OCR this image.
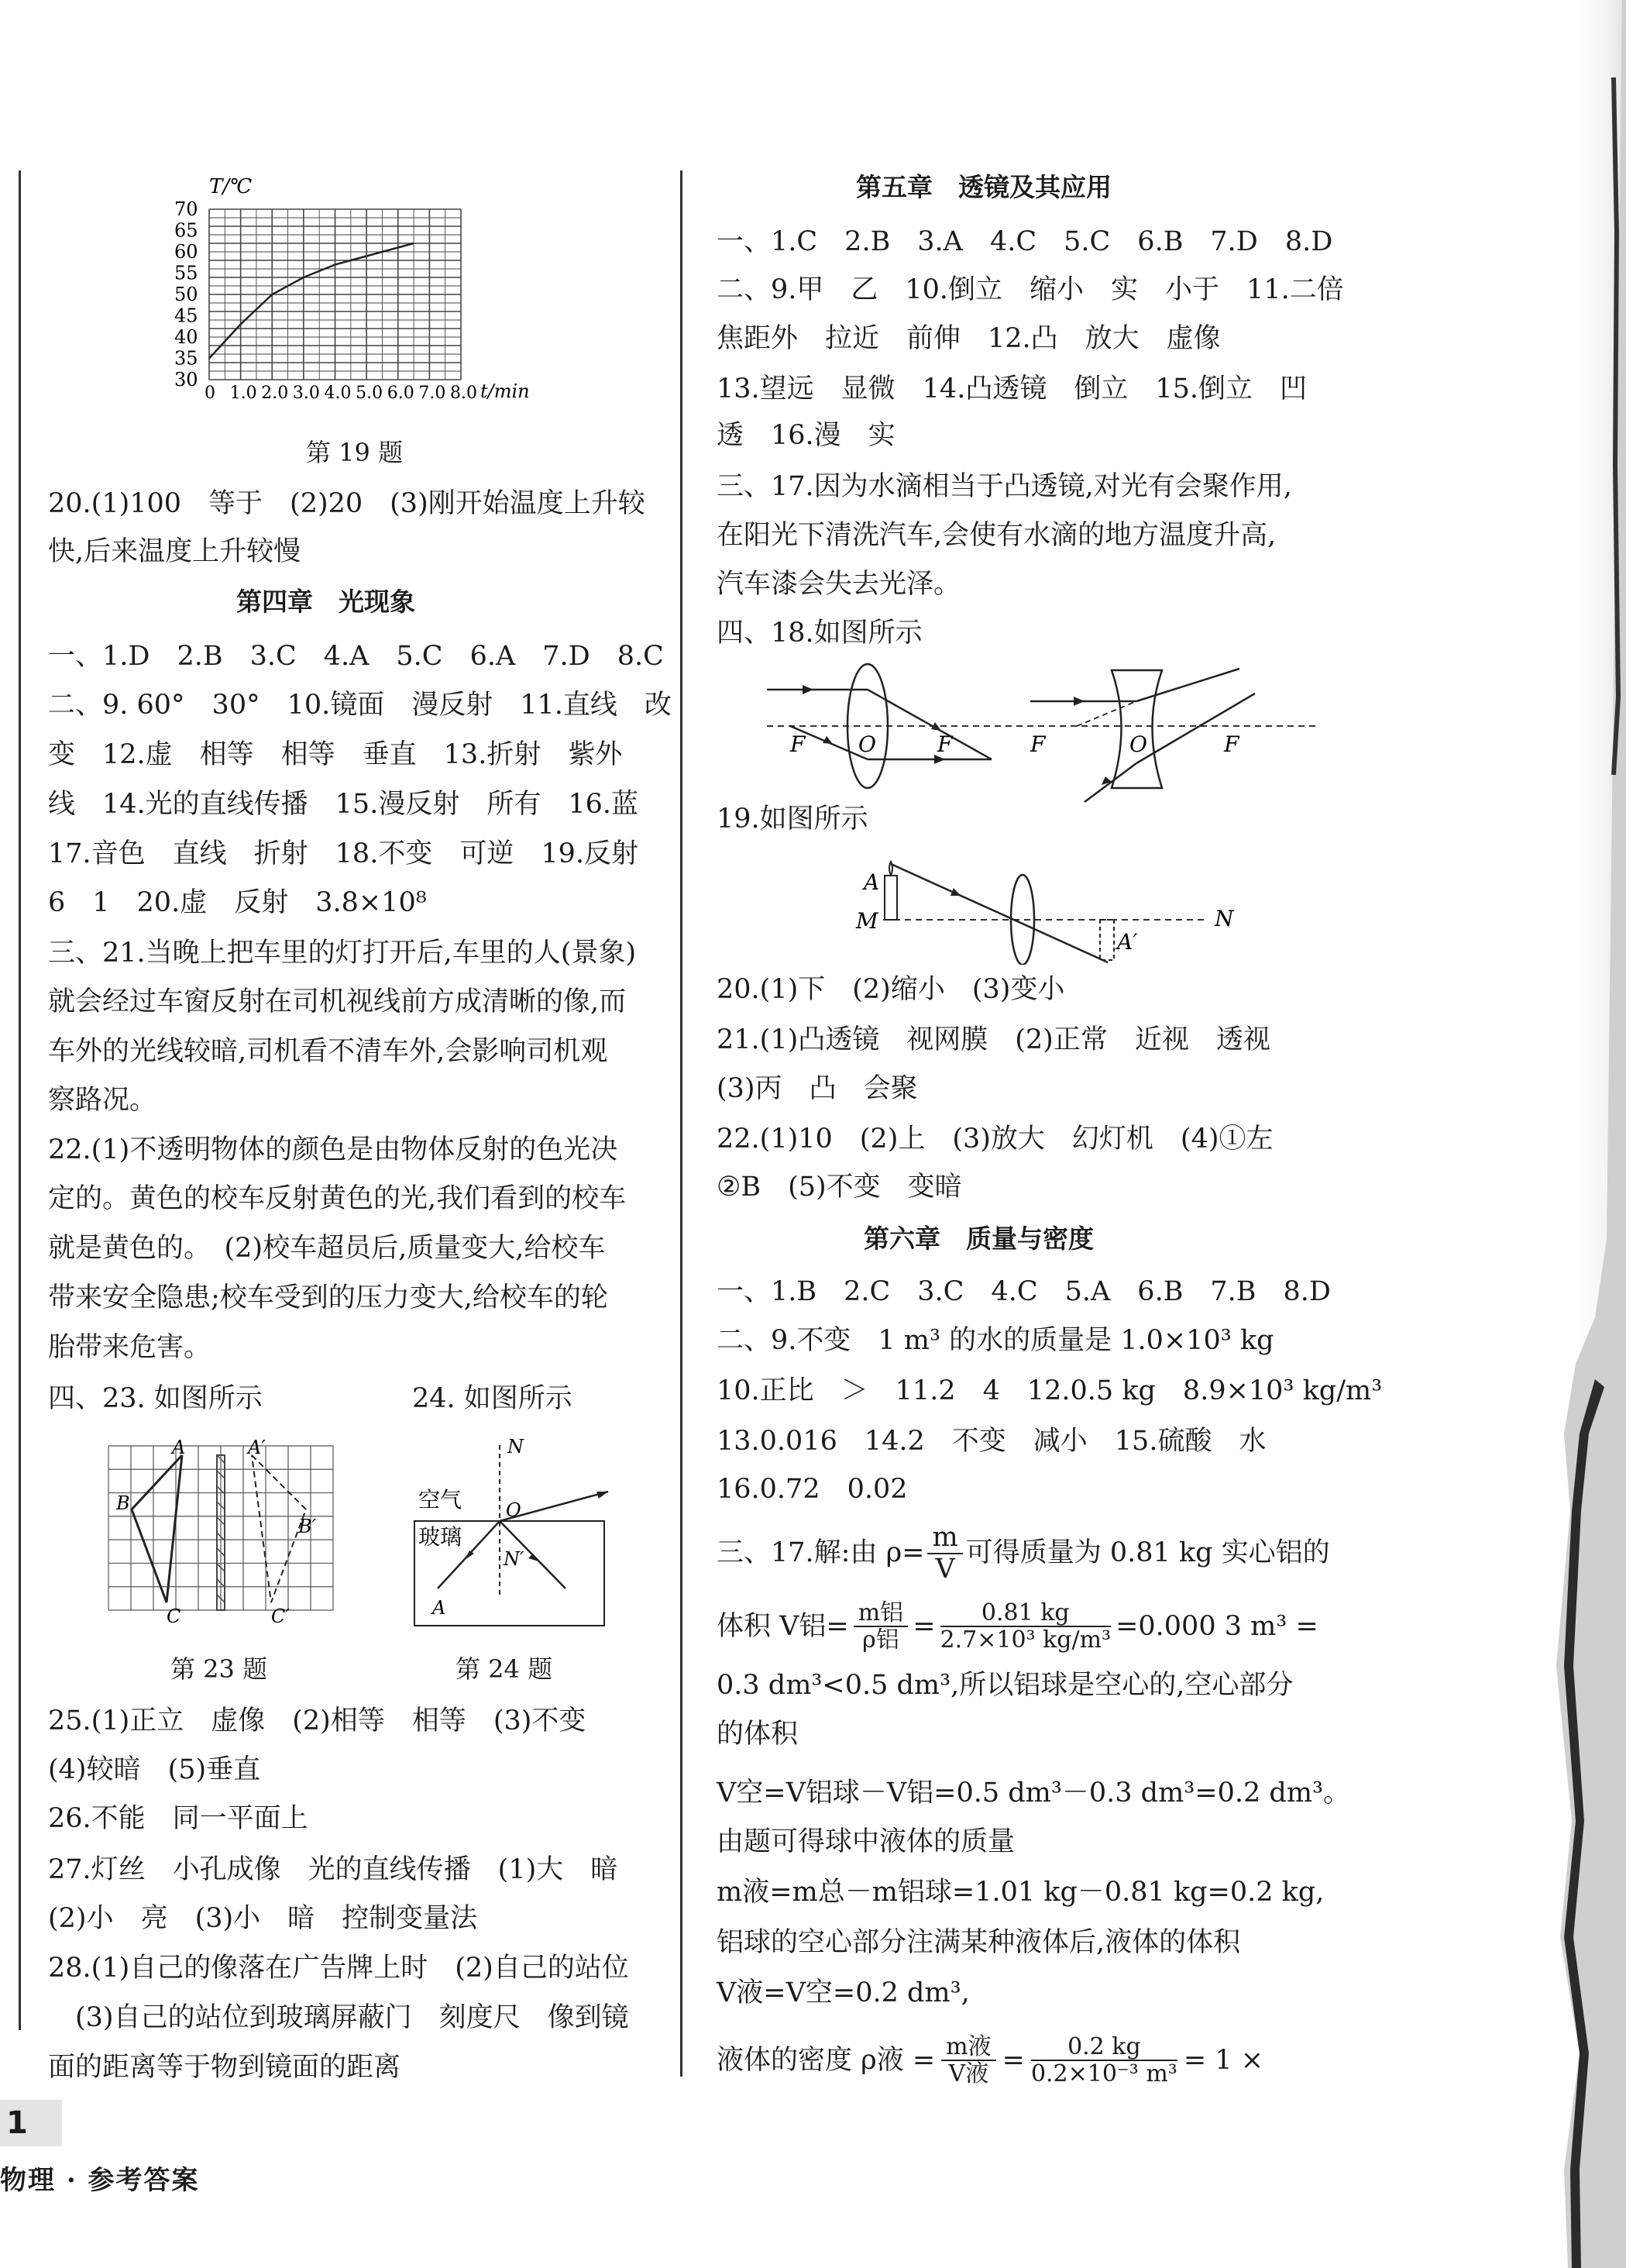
70
65
60
55
50
45
40
35
30
0 1.0 2.0 3.0 4.0 5.0 6.0 7.0 8.0
T/℃
t/min
第 19 题
20.(1)100　等于　(2)20　(3)刚开始温度上升较
快,后来温度上升较慢
第四章　光现象
一、1.D　2.B　3.C　4.A　5.C　6.A　7.D　8.C
二、9. 60°　30°　10.镜面　漫反射　11.直线　改
变　12.虚　相等　相等　垂直　13.折射　紫外
线　14.光的直线传播　15.漫反射　所有　16.蓝
17.音色　直线　折射　18.不变　可逆　19.反射
6　1　20.虚　反射　3.8×10⁸
三、21.当晚上把车里的灯打开后,车里的人(景象)
就会经过车窗反射在司机视线前方成清晰的像,而
车外的光线较暗,司机看不清车外,会影响司机观
察路况。
22.(1)不透明物体的颜色是由物体反射的色光决
定的。黄色的校车反射黄色的光,我们看到的校车
就是黄色的。　(2)校车超员后,质量变大,给校车
带来安全隐患;校车受到的压力变大,给校车的轮
胎带来危害。
四、23. 如图所示	24. 如图所示
A	A′
B
B′
C	C′
N
空气 O
玻璃
N′
A
第 23 题	第 24 题
25.(1)正立　虚像　(2)相等　相等　(3)不变
(4)较暗　(5)垂直
26.不能　同一平面上
27.灯丝　小孔成像　光的直线传播　(1)大　暗
(2)小　亮　(3)小　暗　控制变量法
28.(1)自己的像落在广告牌上时　(2)自己的站位
　(3)自己的站位到玻璃屏蔽门　刻度尺　像到镜
面的距离等于物到镜面的距离
第五章　透镜及其应用
一、1.C　2.B　3.A　4.C　5.C　6.B　7.D　8.D
二、9.甲　乙　10.倒立　缩小　实　小于　11.二倍
焦距外　拉近　前伸　12.凸　放大　虚像
13.望远　显微　14.凸透镜　倒立　15.倒立　凹
透　16.漫　实
三、17.因为水滴相当于凸透镜,对光有会聚作用,
在阳光下清洗汽车,会使有水滴的地方温度升高,
汽车漆会失去光泽。
四、18.如图所示
F O	F	F	O	F
19.如图所示
A
M	N
A′
20.(1)下　(2)缩小　(3)变小
21.(1)凸透镜　视网膜　(2)正常　近视　透视
(3)丙　凸　会聚
22.(1)10　(2)上　(3)放大　幻灯机　(4)①左
②B　(5)不变　变暗
第六章　质量与密度
一、1.B　2.C　3.C　4.C　5.A　6.B　7.B　8.D
二、9.不变　1 m³ 的水的质量是 1.0×10³ kg
10.正比　＞　11.2　4　12.0.5 kg　8.9×10³ kg/m³
13.0.016　14.2　不变　减小　15.硫酸　水
16.0.72　0.02
三、17.解:由 $\rho= \frac{m}{V}$ 可得质量为 0.81 kg 实心铝的
体积 V铝= $\frac{\text{m铝}}{\text{ρ铝}} = \frac{0.81 kg}{\text{2.7×10³ kg/m³}} =0.000$ 3 m³ =
0.3 dm³<0.5 dm³,所以铝球是空心的,空心部分
的体积
V空=V铝球－V铝=0.5 dm³－0.3 dm³=0.2 dm³。
由题可得球中液体的质量
m液=m总－m铝球=1.01 kg－0.81 kg=0.2 kg,
铝球的空心部分注满某种液体后,液体的体积
V液=V空=0.2 dm³,
液体的密度 ρ液 = $\frac{\text{m液}}{\text{V液}} = \frac{0.2 kg}{\text{0.2×10⁻³ m³}} = 1$ ×
1
物理 · 参考答案
